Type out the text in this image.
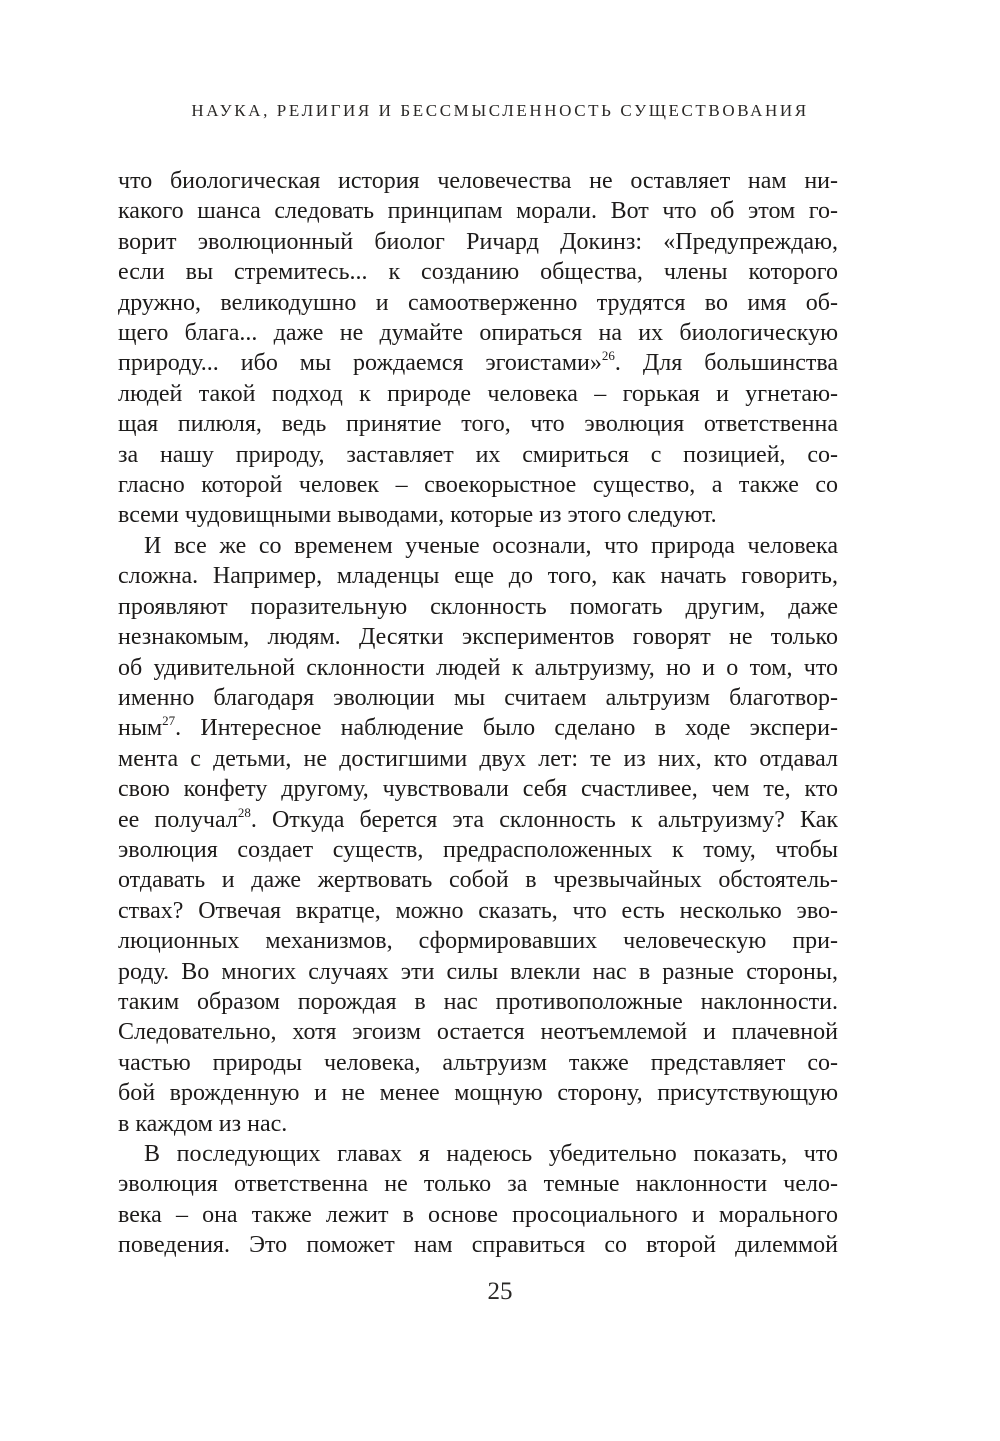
НАУКА, РЕЛИГИЯ И БЕССМЫСЛЕННОСТЬ СУЩЕСТВОВАНИЯ

что биологическая история человечества не оставляет нам ни-
какого шанса следовать принципам морали. Вот что об этом го-
ворит эволюционный биолог Ричард Докинз: «Предупреждаю,
если вы стремитесь... к созданию общества, члены которого
дружно, великодушно и самоотверженно трудятся во имя об-
щего блага... даже не думайте опираться на их биологическую
природу... ибо мы рождаемся эгоистами»$^{26}$. Для большинства
людей такой подход к природе человека – горькая и угнетаю-
щая пилюля, ведь принятие того, что эволюция ответственна
за нашу природу, заставляет их смириться с позицией, со-
гласно которой человек – своекорыстное существо, а также со
всеми чудовищными выводами, которые из этого следуют.

И все же со временем ученые осознали, что природа человека
сложна. Например, младенцы еще до того, как начать говорить,
проявляют поразительную склонность помогать другим, даже
незнакомым, людям. Десятки экспериментов говорят не только
об удивительной склонности людей к альтруизму, но и о том, что
именно благодаря эволюции мы считаем альтруизм благотвор-
ным$^{27}$. Интересное наблюдение было сделано в ходе экспери-
мента с детьми, не достигшими двух лет: те из них, кто отдавал
свою конфету другому, чувствовали себя счастливее, чем те, кто
ее получал$^{28}$. Откуда берется эта склонность к альтруизму? Как
эволюция создает существ, предрасположенных к тому, чтобы
отдавать и даже жертвовать собой в чрезвычайных обстоятель-
ствах? Отвечая вкратце, можно сказать, что есть несколько эво-
люционных механизмов, сформировавших человеческую при-
роду. Во многих случаях эти силы влекли нас в разные стороны,
таким образом порождая в нас противоположные наклонности.
Следовательно, хотя эгоизм остается неотъемлемой и плачевной
частью природы человека, альтруизм также представляет со-
бой врожденную и не менее мощную сторону, присутствующую
в каждом из нас.

В последующих главах я надеюсь убедительно показать, что
эволюция ответственна не только за темные наклонности чело-
века – она также лежит в основе просоциального и морального
поведения. Это поможет нам справиться со второй дилеммой

25
